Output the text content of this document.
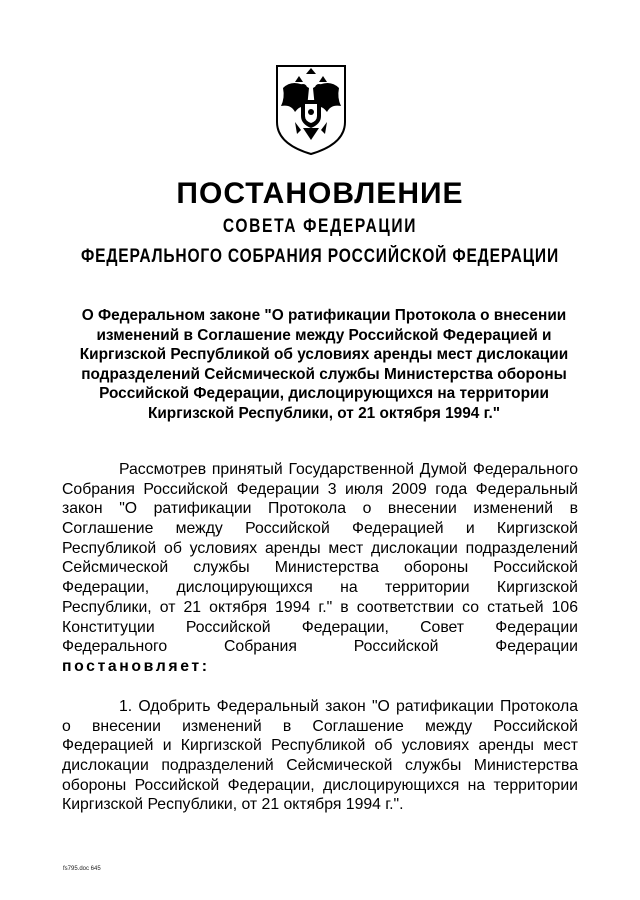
ПОСТАНОВЛЕНИЕ
СОВЕТА ФЕДЕРАЦИИ
ФЕДЕРАЛЬНОГО СОБРАНИЯ РОССИЙСКОЙ ФЕДЕРАЦИИ
О Федеральном законе "О ратификации Протокола о внесении
изменений в Соглашение между Российской Федерацией и
Киргизской Республикой об условиях аренды мест дислокации
подразделений Сейсмической службы Министерства обороны
Российской Федерации, дислоцирующихся на территории
Киргизской Республики, от 21 октября 1994 г."
Рассмотрев принятый Государственной Думой Федерального
Собрания Российской Федерации 3 июля 2009 года Федеральный
закон "О ратификации Протокола о внесении изменений в
Соглашение между Российской Федерацией и Киргизской
Республикой об условиях аренды мест дислокации подразделений
Сейсмической службы Министерства обороны Российской
Федерации, дислоцирующихся на территории Киргизской
Республики, от 21 октября 1994 г." в соответствии со статьей 106
Конституции Российской Федерации, Совет Федерации
Федерального Собрания Российской Федерации
постановляет:
1. Одобрить Федеральный закон "О ратификации Протокола
о внесении изменений в Соглашение между Российской
Федерацией и Киргизской Республикой об условиях аренды мест
дислокации подразделений Сейсмической службы Министерства
обороны Российской Федерации, дислоцирующихся на территории
Киргизской Республики, от 21 октября 1994 г.".
fs795.doc 645
